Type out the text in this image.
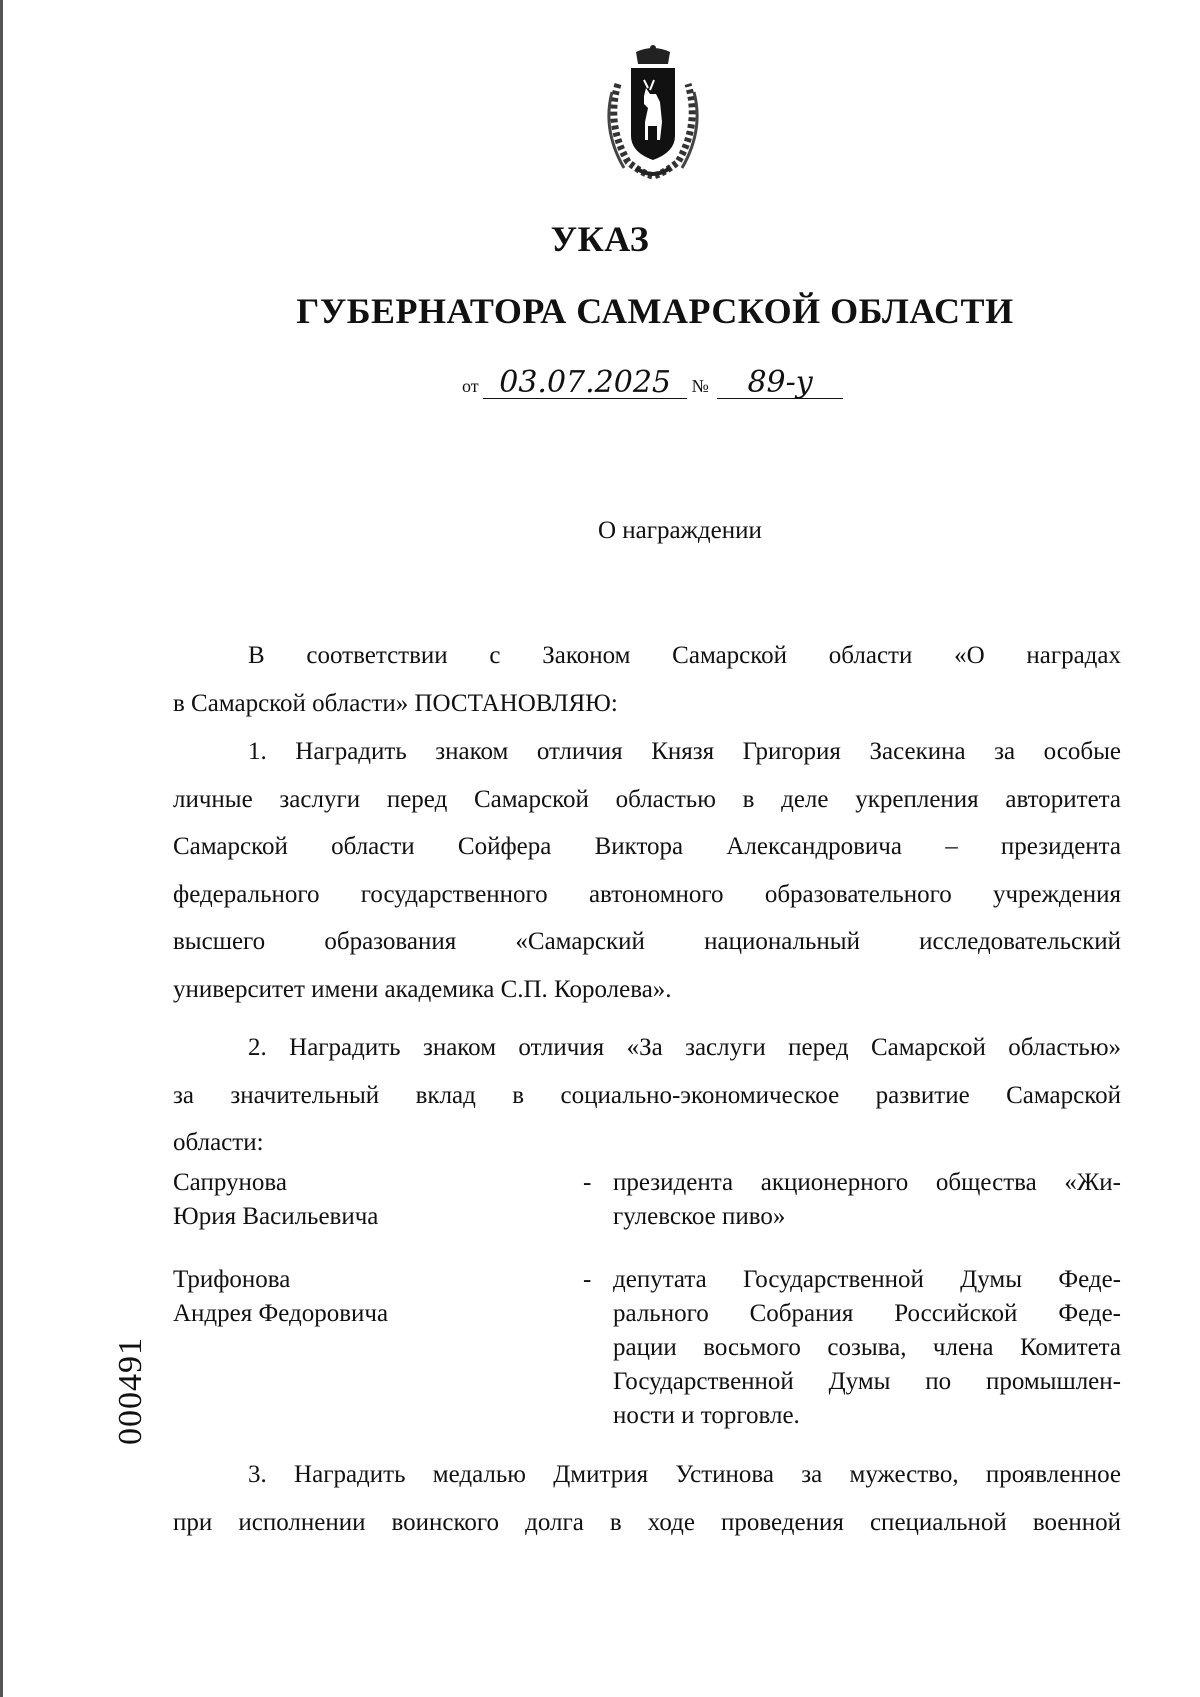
УКАЗ
ГУБЕРНАТОРА САМАРСКОЙ ОБЛАСТИ
от 03.07.2025 № 89-у
О награждении
В соответствии с Законом Самарской области «О наградах
в Самарской области» ПОСТАНОВЛЯЮ:
1. Наградить знаком отличия Князя Григория Засекина за особые
личные заслуги перед Самарской областью в деле укрепления авторитета
Самарской области Сойфера Виктора Александровича – президента
федерального государственного автономного образовательного учреждения
высшего образования «Самарский национальный исследовательский
университет имени академика С.П. Королева».
2. Наградить знаком отличия «За заслуги перед Самарской областью»
за значительный вклад в социально-экономическое развитие Самарской
области:
Сапрунова
Юрия Васильевича
- президента акционерного общества «Жи-
гулевское пиво»
Трифонова
Андрея Федоровича
- депутата Государственной Думы Феде-
рального Собрания Российской Феде-
рации восьмого созыва, члена Комитета
Государственной Думы по промышлен-
ности и торговле.
3. Наградить медалью Дмитрия Устинова за мужество, проявленное
при исполнении воинского долга в ходе проведения специальной военной
000491
